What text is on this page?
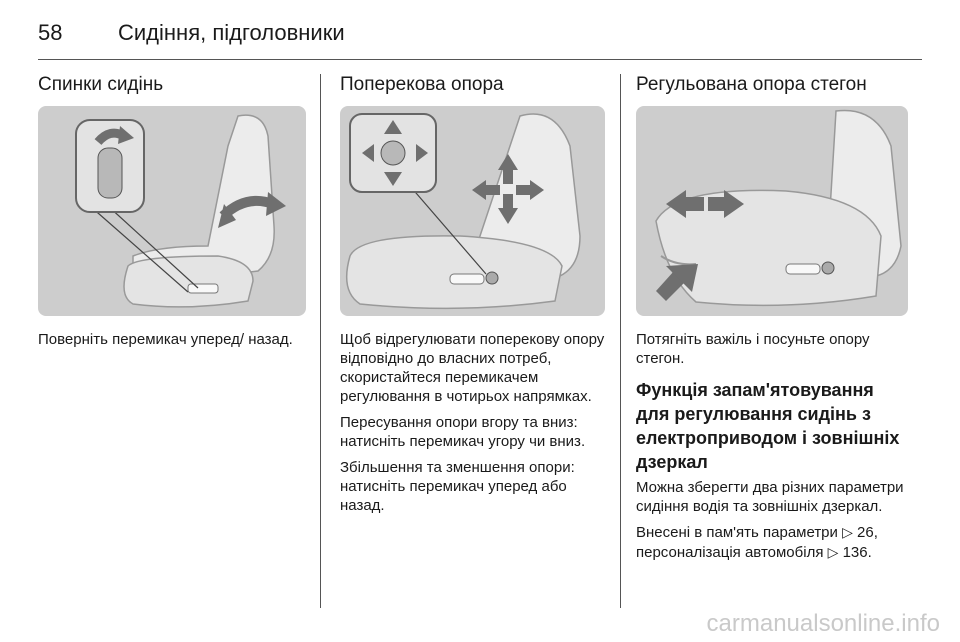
58	Сидіння, підголовники
Спинки сидінь

Поверніть перемикач уперед/ назад.

Поперекова опора

Щоб відрегулювати поперекову опору відповідно до власних потреб, скористайтеся перемикачем регулювання в чотирьох напрямках.

Пересування опори вгору та вниз: натисніть перемикач угору чи вниз.

Збільшення та зменшення опори: натисніть перемикач уперед або назад.

Регульована опора стегон

Потягніть важіль і посуньте опору стегон.

Функція запам'ятовування для регулювання сидінь з електроприводом і зовнішніх дзеркал

Можна зберегти два різних параметри сидіння водія та зовнішніх дзеркал.

Внесені в пам'ять параметри ▷ 26, персоналізація автомобіля ▷ 136.

carmanualsonline.info
